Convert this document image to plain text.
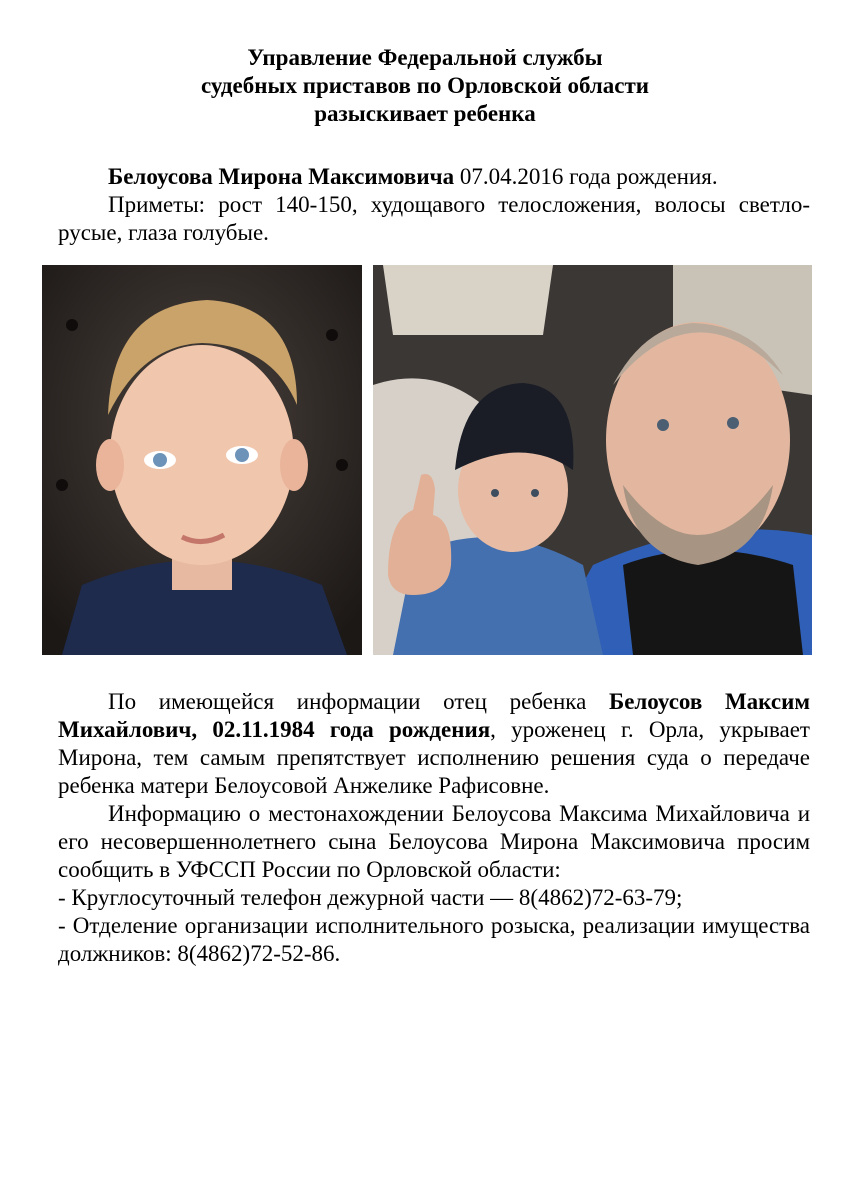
Управление Федеральной службы
судебных приставов по Орловской области
разыскивает ребенка

Белоусова Мирона Максимовича 07.04.2016 года рождения.

Приметы: рост 140-150, худощавого телосложения, волосы светло-русые, глаза голубые.

По имеющейся информации отец ребенка Белоусов Максим Михайлович, 02.11.1984 года рождения, уроженец г. Орла, укрывает Мирона, тем самым препятствует исполнению решения суда о передаче ребенка матери Белоусовой Анжелике Рафисовне.

Информацию о местонахождении Белоусова Максима Михайловича и его несовершеннолетнего сына Белоусова Мирона Максимовича просим сообщить в УФССП России по Орловской области:

- Круглосуточный телефон дежурной части — 8(4862)72-63-79;

- Отделение организации исполнительного розыска, реализации имущества должников: 8(4862)72-52-86.
